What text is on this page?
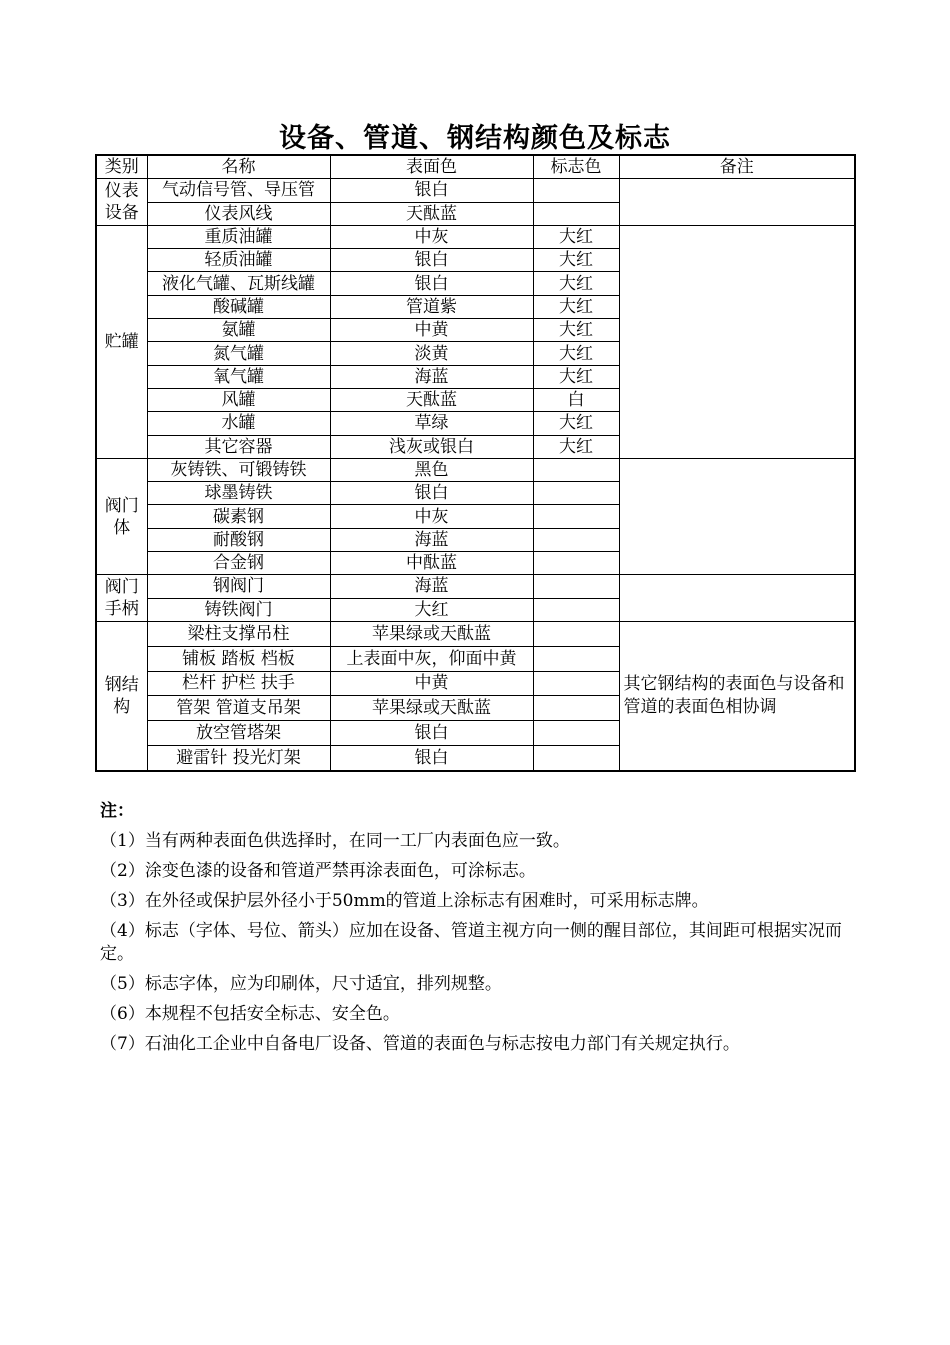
设备、管道、钢结构颜色及标志
类别	名称	表面色	标志色	备注
仪表设备	气动信号管、导压管	银白		
	仪表风线	天酞蓝		
贮罐	重质油罐	中灰	大红	
	轻质油罐	银白	大红	
	液化气罐、瓦斯线罐	银白	大红	
	酸碱罐	管道紫	大红	
	氨罐	中黄	大红	
	氮气罐	淡黄	大红	
	氧气罐	海蓝	大红	
	风罐	天酞蓝	白	
	水罐	草绿	大红	
	其它容器	浅灰或银白	大红	
阀门体	灰铸铁、可锻铸铁	黑色		
	球墨铸铁	银白		
	碳素钢	中灰		
	耐酸钢	海蓝		
	合金钢	中酞蓝		
阀门手柄	钢阀门	海蓝		
	铸铁阀门	大红		
钢结构	梁柱支撑吊柱	苹果绿或天酞蓝		其它钢结构的表面色与设备和管道的表面色相协调
	铺板 踏板 档板	上表面中灰，仰面中黄		
	栏杆 护栏 扶手	中黄		
	管架 管道支吊架	苹果绿或天酞蓝		
	放空管塔架	银白		
	避雷针 投光灯架	银白		
注：
（1）当有两种表面色供选择时，在同一工厂内表面色应一致。
（2）涂变色漆的设备和管道严禁再涂表面色，可涂标志。
（3）在外径或保护层外径小于50mm的管道上涂标志有困难时，可采用标志牌。
（4）标志（字体、号位、箭头）应加在设备、管道主视方向一侧的醒目部位，其间距可根据实况而定。
（5）标志字体，应为印刷体，尺寸适宜，排列规整。
（6）本规程不包括安全标志、安全色。
（7）石油化工企业中自备电厂设备、管道的表面色与标志按电力部门有关规定执行。
